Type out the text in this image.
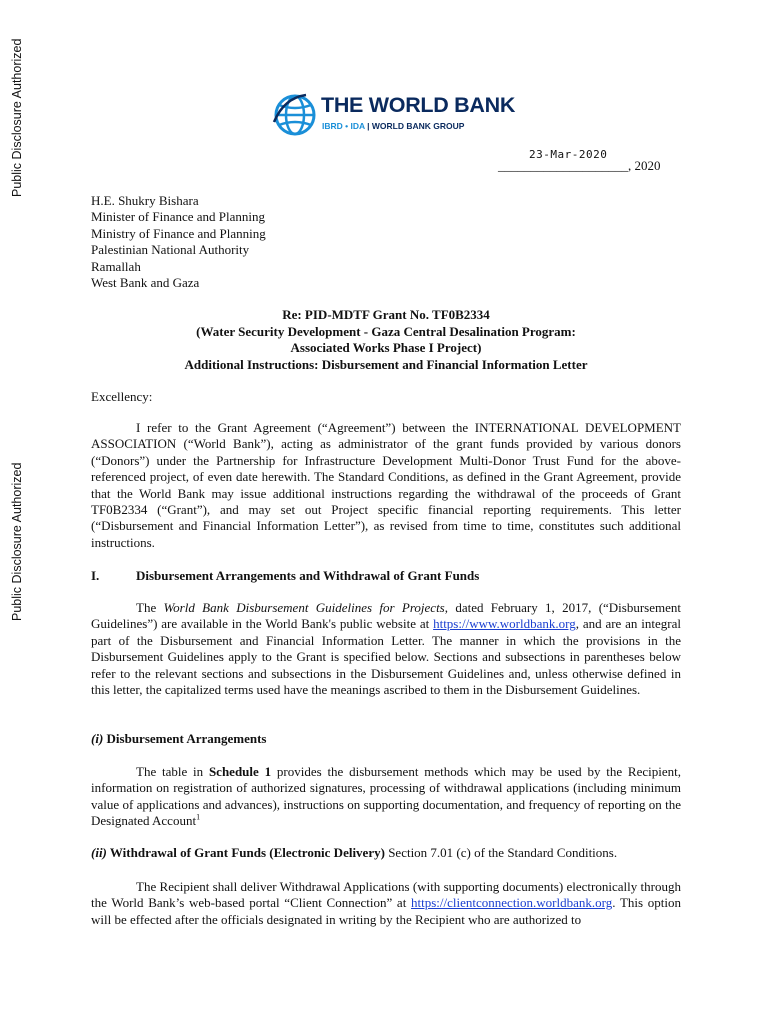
Public Disclosure Authorized
Public Disclosure Authorized
THE WORLD BANK
IBRD • IDA | WORLD BANK GROUP
23-Mar-2020
____________________, 2020
H.E. Shukry Bishara
Minister of Finance and Planning
Ministry of Finance and Planning
Palestinian National Authority
Ramallah
West Bank and Gaza
Re: PID-MDTF Grant No. TF0B2334
(Water Security Development - Gaza Central Desalination Program:
Associated Works Phase I Project)
Additional Instructions: Disbursement and Financial Information Letter
Excellency:

I refer to the Grant Agreement (“Agreement”) between the INTERNATIONAL DEVELOPMENT ASSOCIATION (“World Bank”), acting as administrator of the grant funds provided by various donors (“Donors”) under the Partnership for Infrastructure Development Multi-Donor Trust Fund for the above-referenced project, of even date herewith. The Standard Conditions, as defined in the Grant Agreement, provide that the World Bank may issue additional instructions regarding the withdrawal of the proceeds of Grant TF0B2334 (“Grant”), and may set out Project specific financial reporting requirements. This letter (“Disbursement and Financial Information Letter”), as revised from time to time, constitutes such additional instructions.

I.	Disbursement Arrangements and Withdrawal of Grant Funds

The World Bank Disbursement Guidelines for Projects, dated February 1, 2017, (“Disbursement Guidelines”) are available in the World Bank's public website at https://www.worldbank.org, and are an integral part of the Disbursement and Financial Information Letter. The manner in which the provisions in the Disbursement Guidelines apply to the Grant is specified below. Sections and subsections in parentheses below refer to the relevant sections and subsections in the Disbursement Guidelines and, unless otherwise defined in this letter, the capitalized terms used have the meanings ascribed to them in the Disbursement Guidelines.

(i) Disbursement Arrangements

The table in Schedule 1 provides the disbursement methods which may be used by the Recipient, information on registration of authorized signatures, processing of withdrawal applications (including minimum value of applications and advances), instructions on supporting documentation, and frequency of reporting on the Designated Account$^1$

(ii) Withdrawal of Grant Funds (Electronic Delivery) Section 7.01 (c) of the Standard Conditions.

The Recipient shall deliver Withdrawal Applications (with supporting documents) electronically through the World Bank’s web-based portal “Client Connection” at https://clientconnection.worldbank.org. This option will be effected after the officials designated in writing by the Recipient who are authorized to
